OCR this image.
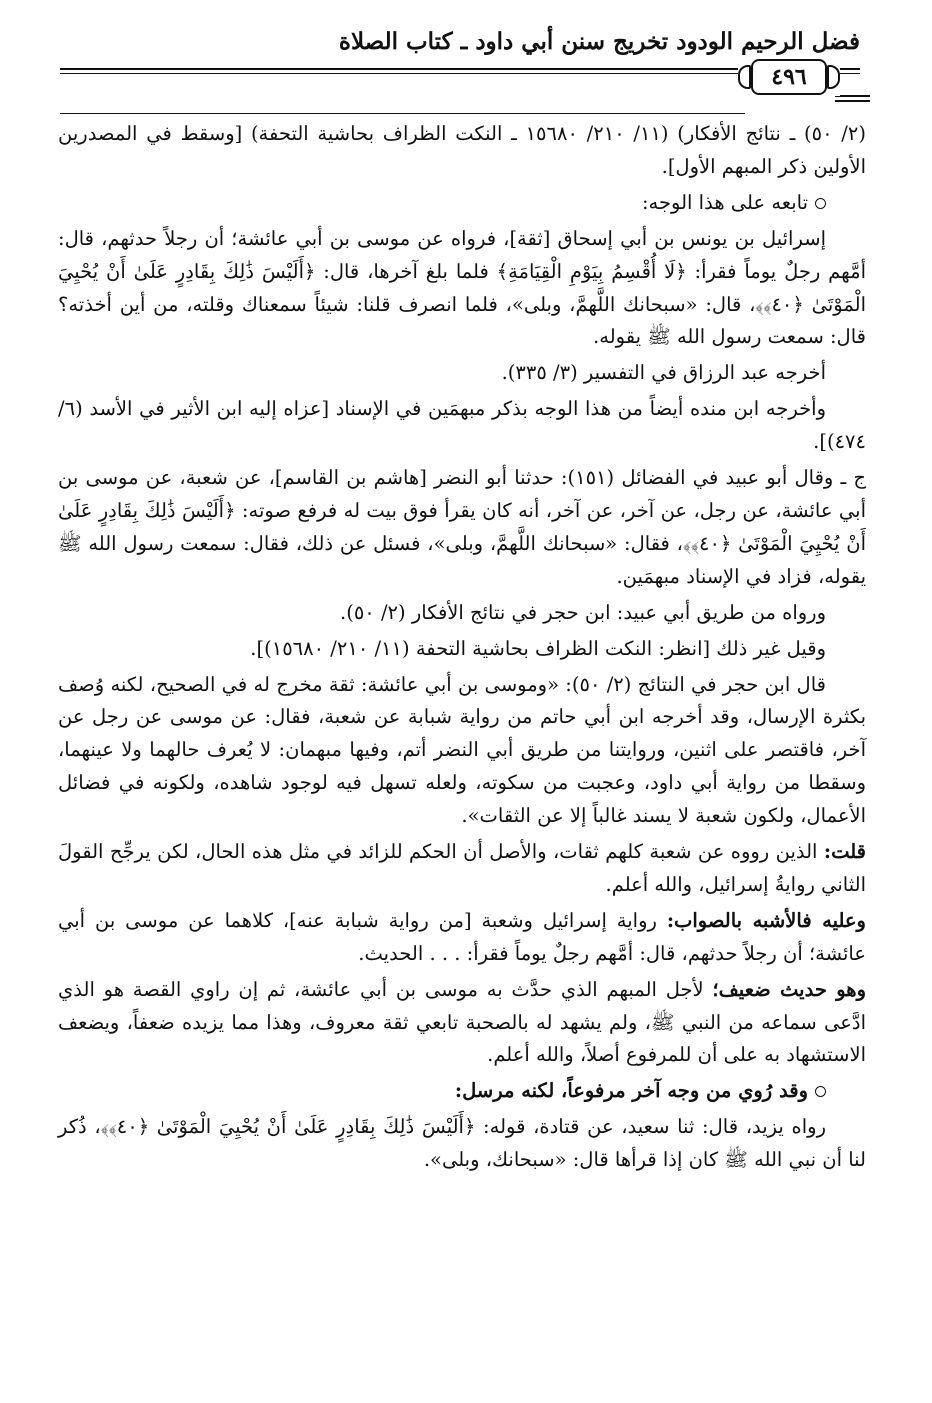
فضل الرحيم الودود تخريج سنن أبي داود ـ كتاب الصلاة
٤٩٦

(٢/ ٥٠) ـ نتائج الأفكار) (١١/ ٢١٠/ ١٥٦٨٠ ـ النكت الظراف بحاشية التحفة) [وسقط في المصدرين الأولين ذكر المبهم الأول].

تابعه على هذا الوجه:

إسرائيل بن يونس بن أبي إسحاق [ثقة]، فرواه عن موسى بن أبي عائشة؛ أن رجلاً حدثهم، قال: أمَّهم رجلٌ يوماً فقرأ: ﴿لَا أُقْسِمُ بِيَوْمِ الْقِيَامَةِ﴾ فلما بلغ آخرها، قال: ﴿أَلَيْسَ ذَٰلِكَ بِقَادِرٍ عَلَىٰ أَنْ يُحْيِيَ الْمَوْتَىٰ ﴿٤٠﴾﴾، قال: «سبحانك اللَّهمَّ، وبلى»، فلما انصرف قلنا: شيئاً سمعناك وقلته، من أين أخذته؟ قال: سمعت رسول الله ﷺ يقوله.

أخرجه عبد الرزاق في التفسير (٣/ ٣٣٥).

وأخرجه ابن منده أيضاً من هذا الوجه بذكر مبهمَين في الإسناد [عزاه إليه ابن الأثير في الأسد (٦/ ٤٧٤)].

ج ـ وقال أبو عبيد في الفضائل (١٥١): حدثنا أبو النضر [هاشم بن القاسم]، عن شعبة، عن موسى بن أبي عائشة، عن رجل، عن آخر، عن آخر، أنه كان يقرأ فوق بيت له فرفع صوته: ﴿أَلَيْسَ ذَٰلِكَ بِقَادِرٍ عَلَىٰ أَنْ يُحْيِيَ الْمَوْتَىٰ ﴿٤٠﴾﴾، فقال: «سبحانك اللَّهمَّ، وبلى»، فسئل عن ذلك، فقال: سمعت رسول الله ﷺ يقوله، فزاد في الإسناد مبهمَين.

ورواه من طريق أبي عبيد: ابن حجر في نتائج الأفكار (٢/ ٥٠).

وقيل غير ذلك [انظر: النكت الظراف بحاشية التحفة (١١/ ٢١٠/ ١٥٦٨٠)].

قال ابن حجر في النتائج (٢/ ٥٠): «وموسى بن أبي عائشة: ثقة مخرج له في الصحيح، لكنه وُصف بكثرة الإرسال، وقد أخرجه ابن أبي حاتم من رواية شبابة عن شعبة، فقال: عن موسى عن رجل عن آخر، فاقتصر على اثنين، وروايتنا من طريق أبي النضر أتم، وفيها مبهمان: لا يُعرف حالهما ولا عينهما، وسقطا من رواية أبي داود، وعجبت من سكوته، ولعله تسهل فيه لوجود شاهده، ولكونه في فضائل الأعمال، ولكون شعبة لا يسند غالباً إلا عن الثقات».

قلت: الذين رووه عن شعبة كلهم ثقات، والأصل أن الحكم للزائد في مثل هذه الحال، لكن يرجِّح القولَ الثاني روايةُ إسرائيل، والله أعلم.

وعليه فالأشبه بالصواب: رواية إسرائيل وشعبة [من رواية شبابة عنه]، كلاهما عن موسى بن أبي عائشة؛ أن رجلاً حدثهم، قال: أمَّهم رجلٌ يوماً فقرأ: . . . الحديث.

وهو حديث ضعيف؛ لأجل المبهم الذي حدَّث به موسى بن أبي عائشة، ثم إن راوي القصة هو الذي ادَّعى سماعه من النبي ﷺ، ولم يشهد له بالصحبة تابعي ثقة معروف، وهذا مما يزيده ضعفاً، ويضعف الاستشهاد به على أن للمرفوع أصلاً، والله أعلم.

وقد رُوي من وجه آخر مرفوعاً، لكنه مرسل:

رواه يزيد، قال: ثنا سعيد، عن قتادة، قوله: ﴿أَلَيْسَ ذَٰلِكَ بِقَادِرٍ عَلَىٰ أَنْ يُحْيِيَ الْمَوْتَىٰ ﴿٤٠﴾﴾، ذُكر لنا أن نبي الله ﷺ كان إذا قرأها قال: «سبحانك، وبلى».
